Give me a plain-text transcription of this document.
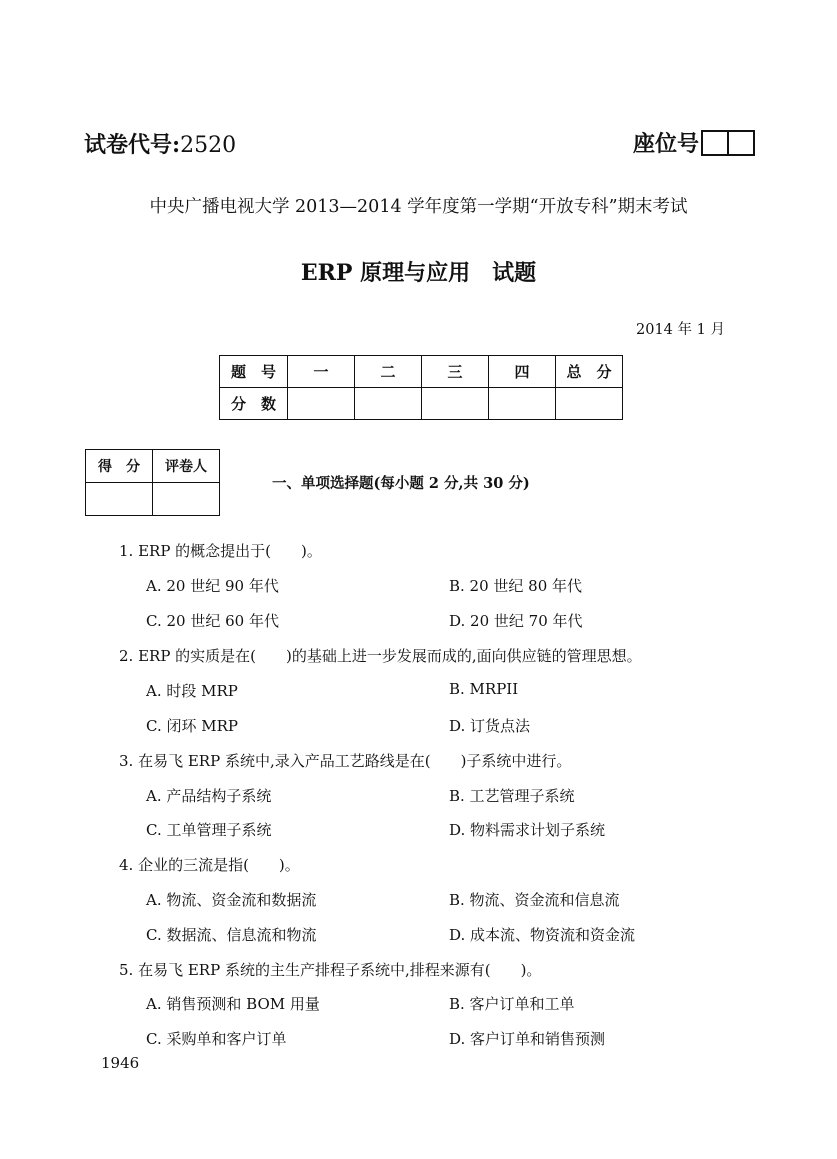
试卷代号:2520	座位号
中央广播电视大学 2013—2014 学年度第一学期“开放专科”期末考试
ERP 原理与应用　试题
2014 年 1 月
题　号	一	二	三	四	总　分
分　数					
得　分	评卷人

一、单项选择题(每小题 2 分,共 30 分)
1. ERP 的概念提出于(　　)。
A. 20 世纪 90 年代	B. 20 世纪 80 年代
C. 20 世纪 60 年代	D. 20 世纪 70 年代
2. ERP 的实质是在(　　)的基础上进一步发展而成的,面向供应链的管理思想。
A. 时段 MRP	B. MRPII
C. 闭环 MRP	D. 订货点法
3. 在易飞 ERP 系统中,录入产品工艺路线是在(　　)子系统中进行。
A. 产品结构子系统	B. 工艺管理子系统
C. 工单管理子系统	D. 物料需求计划子系统
4. 企业的三流是指(　　)。
A. 物流、资金流和数据流	B. 物流、资金流和信息流
C. 数据流、信息流和物流	D. 成本流、物资流和资金流
5. 在易飞 ERP 系统的主生产排程子系统中,排程来源有(　　)。
A. 销售预测和 BOM 用量	B. 客户订单和工单
C. 采购单和客户订单	D. 客户订单和销售预测
1946
